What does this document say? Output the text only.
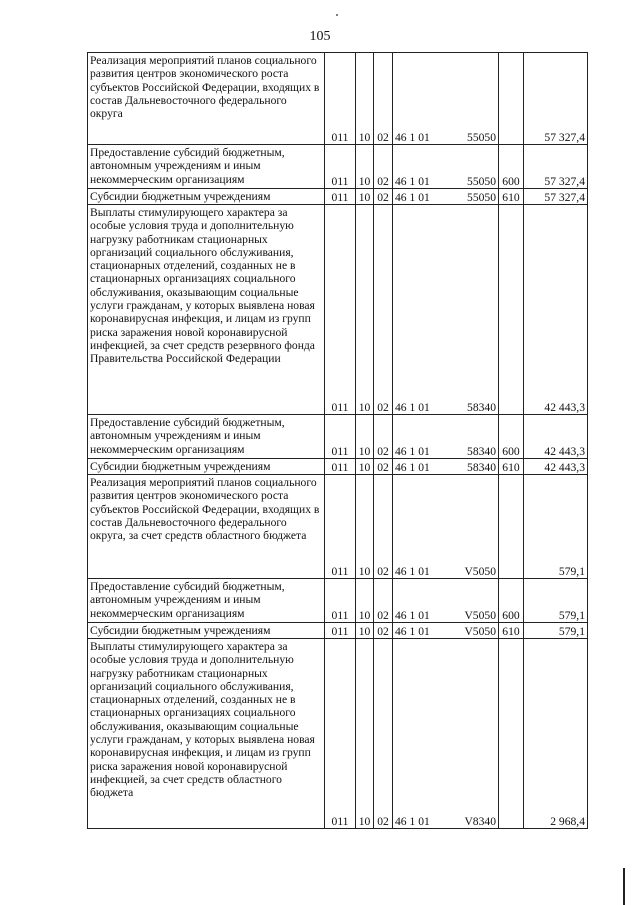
105
Реализация мероприятий планов социального развития центров экономического роста субъектов Российской Федерации, входящих в состав Дальневосточного федерального округа	011	10	02	46 1 01 55050		57 327,4
Предоставление субсидий бюджетным, автономным учреждениям и иным некоммерческим организациям	011	10	02	46 1 01 55050	600	57 327,4
Субсидии бюджетным учреждениям	011	10	02	46 1 01 55050	610	57 327,4
Выплаты стимулирующего характера за особые условия труда и дополнительную нагрузку работникам стационарных организаций социального обслуживания, стационарных отделений, созданных не в стационарных организациях социального обслуживания, оказывающим социальные услуги гражданам, у которых выявлена новая коронавирусная инфекция, и лицам из групп риска заражения новой коронавирусной инфекцией, за счет средств резервного фонда Правительства Российской Федерации	011	10	02	46 1 01 58340		42 443,3
Предоставление субсидий бюджетным, автономным учреждениям и иным некоммерческим организациям	011	10	02	46 1 01 58340	600	42 443,3
Субсидии бюджетным учреждениям	011	10	02	46 1 01 58340	610	42 443,3
Реализация мероприятий планов социального развития центров экономического роста субъектов Российской Федерации, входящих в состав Дальневосточного федерального округа, за счет средств областного бюджета	011	10	02	46 1 01 V5050		579,1
Предоставление субсидий бюджетным, автономным учреждениям и иным некоммерческим организациям	011	10	02	46 1 01 V5050	600	579,1
Субсидии бюджетным учреждениям	011	10	02	46 1 01 V5050	610	579,1
Выплаты стимулирующего характера за особые условия труда и дополнительную нагрузку работникам стационарных организаций социального обслуживания, стационарных отделений, созданных не в стационарных организациях социального обслуживания, оказывающим социальные услуги гражданам, у которых выявлена новая коронавирусная инфекция, и лицам из групп риска заражения новой коронавирусной инфекцией, за счет средств областного бюджета	011	10	02	46 1 01 V8340		2 968,4
